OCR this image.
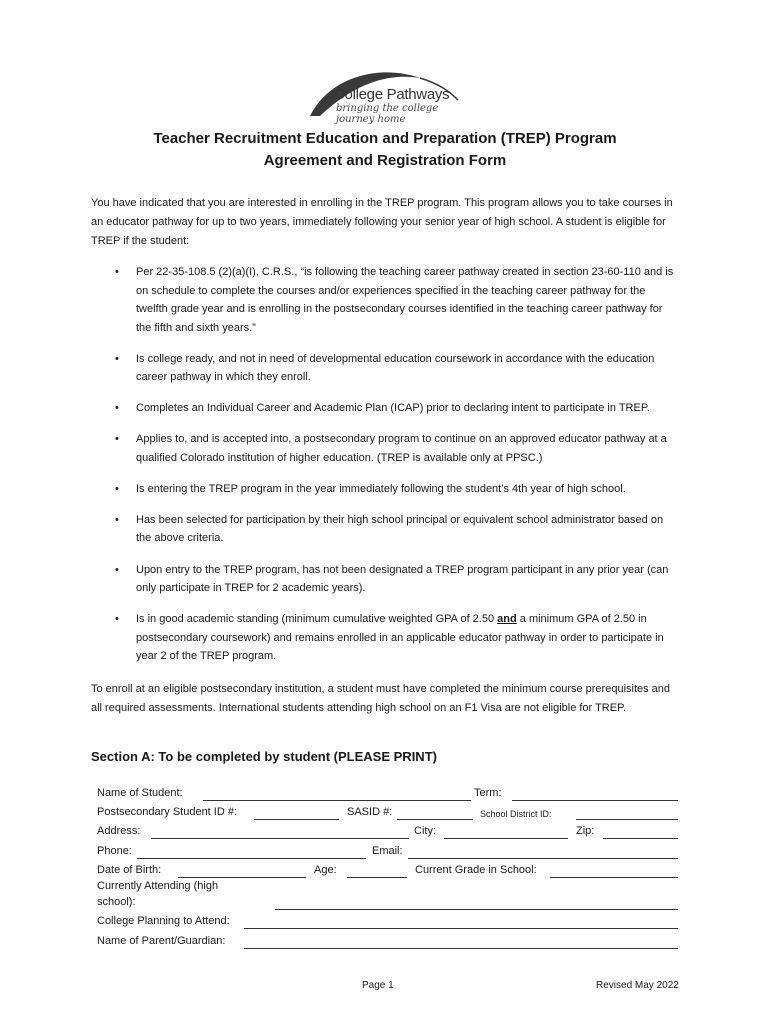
College Pathways
bringing the college journey home
Teacher Recruitment Education and Preparation (TREP) Program
Agreement and Registration Form
You have indicated that you are interested in enrolling in the TREP program. This program allows you to take courses in an educator pathway for up to two years, immediately following your senior year of high school. A student is eligible for TREP if the student:
• Per 22-35-108.5 (2)(a)(I), C.R.S., “is following the teaching career pathway created in section 23-60-110 and is on schedule to complete the courses and/or experiences specified in the teaching career pathway for the twelfth grade year and is enrolling in the postsecondary courses identified in the teaching career pathway for the fifth and sixth years.”
• Is college ready, and not in need of developmental education coursework in accordance with the education career pathway in which they enroll.
• Completes an Individual Career and Academic Plan (ICAP) prior to declaring intent to participate in TREP.
• Applies to, and is accepted into, a postsecondary program to continue on an approved educator pathway at a qualified Colorado institution of higher education. (TREP is available only at PPSC.)
• Is entering the TREP program in the year immediately following the student’s 4th year of high school.
• Has been selected for participation by their high school principal or equivalent school administrator based on the above criteria.
• Upon entry to the TREP program, has not been designated a TREP program participant in any prior year (can only participate in TREP for 2 academic years).
• Is in good academic standing (minimum cumulative weighted GPA of 2.50 and a minimum GPA of 2.50 in postsecondary coursework) and remains enrolled in an applicable educator pathway in order to participate in year 2 of the TREP program.
To enroll at an eligible postsecondary institution, a student must have completed the minimum course prerequisites and all required assessments. International students attending high school on an F1 Visa are not eligible for TREP.
Section A: To be completed by student (PLEASE PRINT)
Name of Student:	Term:
Postsecondary Student ID #:	SASID #:	School District ID:
Address:	City:	Zip:
Phone:	Email:
Date of Birth:	Age:	Current Grade in School:
Currently Attending (high
school):
College Planning to Attend:
Name of Parent/Guardian:
Page 1	Revised May 2022
